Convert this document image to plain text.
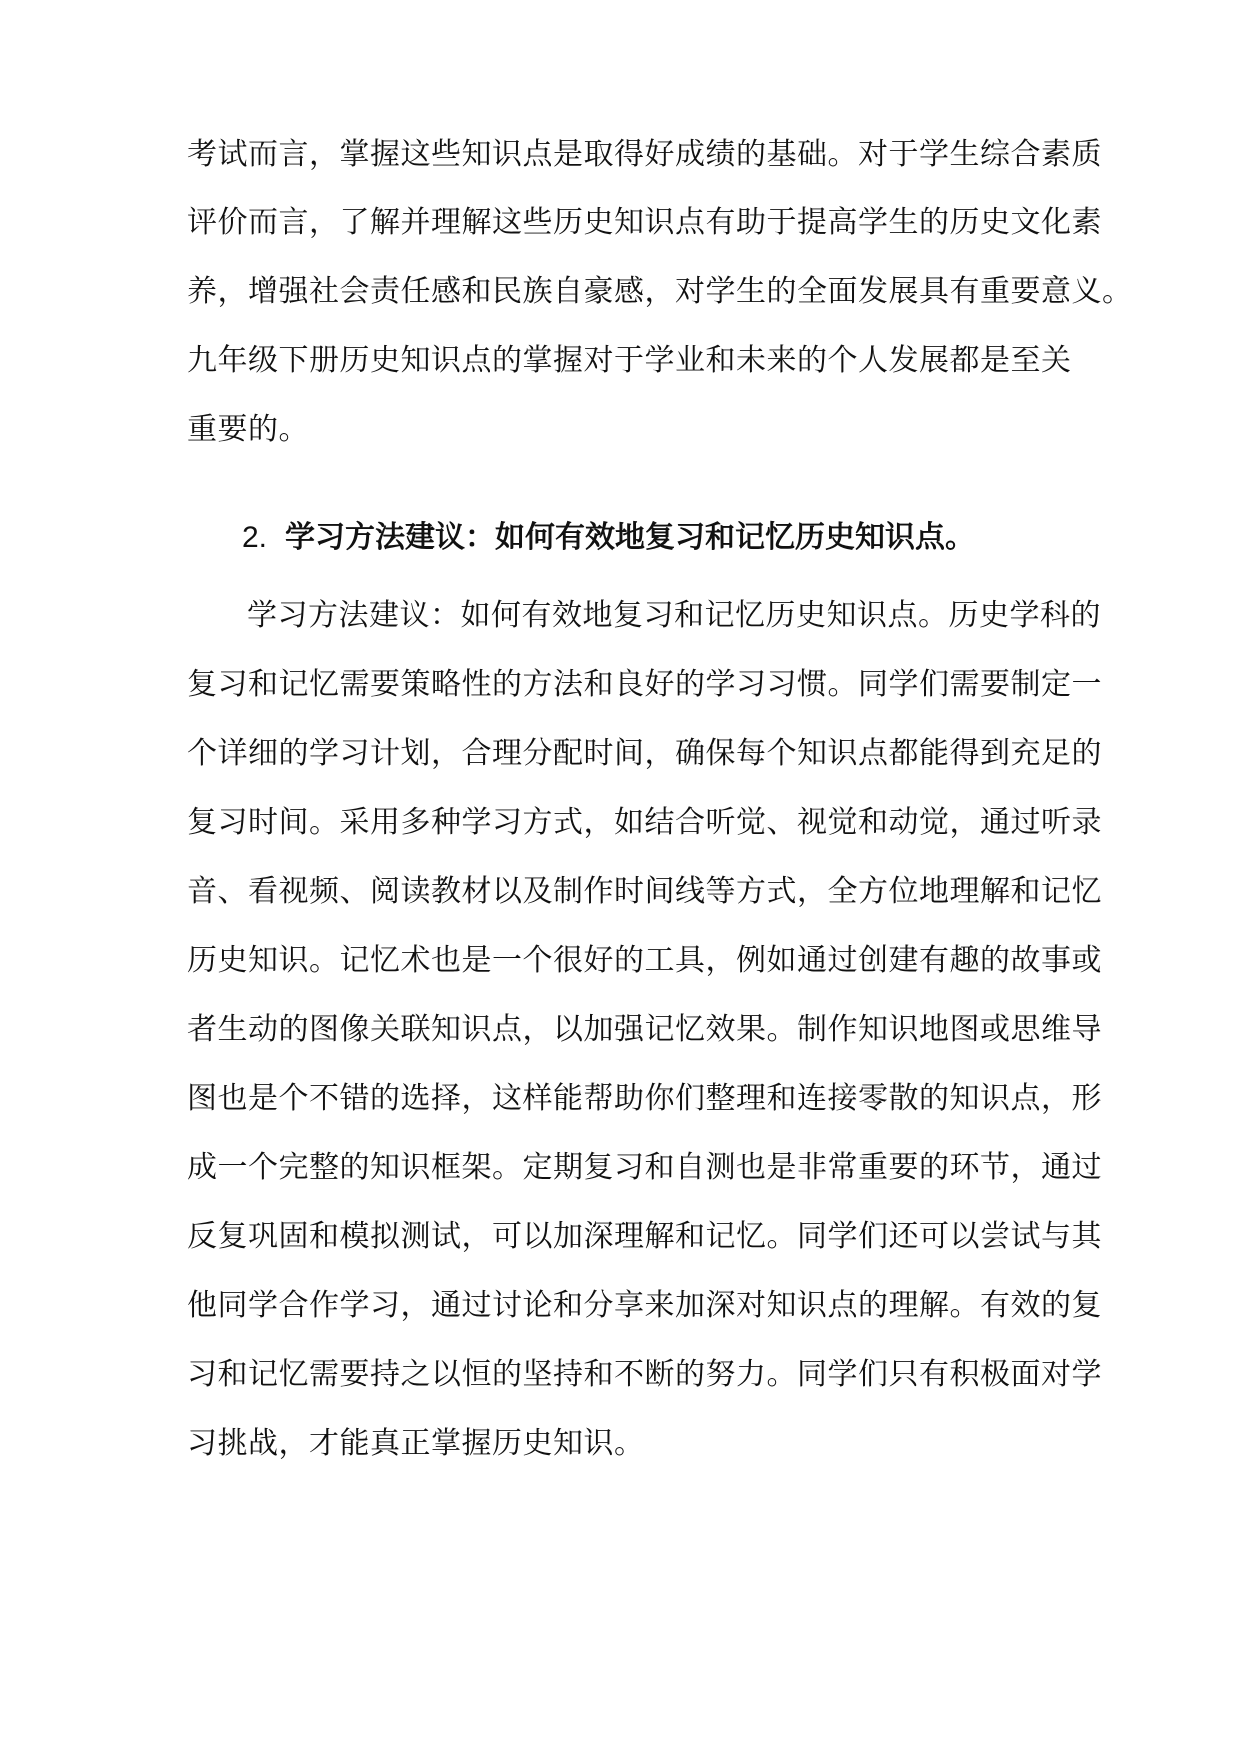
考试而言，掌握这些知识点是取得好成绩的基础。对于学生综合素质
评价而言，了解并理解这些历史知识点有助于提高学生的历史文化素
养，增强社会责任感和民族自豪感，对学生的全面发展具有重要意义。
九年级下册历史知识点的掌握对于学业和未来的个人发展都是至关
重要的。
2. 学习方法建议：如何有效地复习和记忆历史知识点。
学习方法建议：如何有效地复习和记忆历史知识点。历史学科的
复习和记忆需要策略性的方法和良好的学习习惯。同学们需要制定一
个详细的学习计划，合理分配时间，确保每个知识点都能得到充足的
复习时间。采用多种学习方式，如结合听觉、视觉和动觉，通过听录
音、看视频、阅读教材以及制作时间线等方式，全方位地理解和记忆
历史知识。记忆术也是一个很好的工具，例如通过创建有趣的故事或
者生动的图像关联知识点，以加强记忆效果。制作知识地图或思维导
图也是个不错的选择，这样能帮助你们整理和连接零散的知识点，形
成一个完整的知识框架。定期复习和自测也是非常重要的环节，通过
反复巩固和模拟测试，可以加深理解和记忆。同学们还可以尝试与其
他同学合作学习，通过讨论和分享来加深对知识点的理解。有效的复
习和记忆需要持之以恒的坚持和不断的努力。同学们只有积极面对学
习挑战，才能真正掌握历史知识。
